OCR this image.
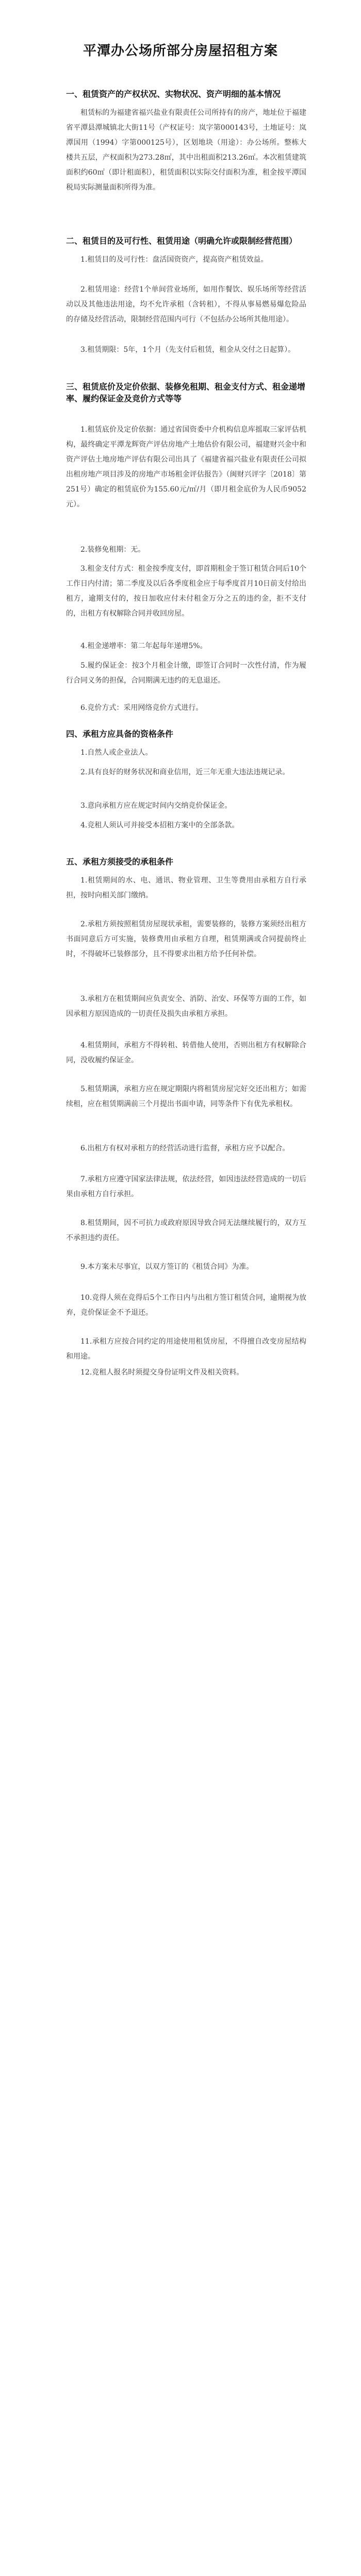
平潭办公场所部分房屋招租方案
一、租赁资产的产权状况、实物状况、资产明细的基本情况

租赁标的为福建省福兴盐业有限责任公司所持有的房产，地址位于福建省平潭县潭城镇北大街11号（产权证号：岚字第000143号，土地证号：岚潭国用（1994）字第000125号），区划地块（用途）：办公场所。整栋大楼共五层，产权面积为273.28㎡，其中出租面积213.26㎡。本次租赁建筑面积约60㎡（即计租面积），租赁面积以实际交付面积为准，租金按平潭国税局实际测量面积所得为准。

二、租赁目的及可行性、租赁用途（明确允许或限制经营范围）

1.租赁目的及可行性：盘活国资资产，提高资产租赁效益。

2.租赁用途：经营1个单间营业场所，如用作餐饮、娱乐场所等经营活动以及其他违法用途，均不允许承租（含转租），不得从事易燃易爆危险品的存储及经营活动，限制经营范围内可行（不包括办公场所其他用途）。

3.租赁期限：5年，1个月（先支付后租赁，租金从交付之日起算）。

三、租赁底价及定价依据、装修免租期、租金支付方式、租金递增率、履约保证金及竞价方式等等

1.租赁底价及定价依据：通过省国资委中介机构信息库摇取三家评估机构，最终确定平潭龙辉资产评估房地产土地估价有限公司，福建财兴金中和资产评估土地房地产评估有限公司出具了《福建省福兴盐业有限责任公司拟出租房地产项目涉及的房地产市场租金评估报告》（闽财兴评字〔2018〕第251号）确定的租赁底价为155.60元/㎡/月（即月租金底价为人民币9052元）。

2.装修免租期：无。

3.租金支付方式：租金按季度支付，即首期租金于签订租赁合同后10个工作日内付清；第二季度及以后各季度租金应于每季度首月10日前支付给出租方，逾期支付的，按日加收应付未付租金万分之五的违约金，拒不支付的，出租方有权解除合同并收回房屋。

4.租金递增率：第二年起每年递增5%。

5.履约保证金：按3个月租金计缴，即签订合同时一次性付清，作为履行合同义务的担保，合同期满无违约的无息退还。

6.竞价方式：采用网络竞价方式进行。

四、承租方应具备的资格条件

1.自然人或企业法人。

2.具有良好的财务状况和商业信用，近三年无重大违法违规记录。

3.意向承租方应在规定时间内交纳竞价保证金。

4.竞租人须认可并接受本招租方案中的全部条款。

五、承租方须接受的承租条件

1.租赁期间的水、电、通讯、物业管理、卫生等费用由承租方自行承担，按时向相关部门缴纳。

2.承租方须按照租赁房屋现状承租，需要装修的，装修方案须经出租方书面同意后方可实施，装修费用由承租方自理，租赁期满或合同提前终止时，不得破坏已装修部分，且不得要求出租方给予任何补偿。

3.承租方在租赁期间应负责安全、消防、治安、环保等方面的工作，如因承租方原因造成的一切责任及损失由承租方承担。

4.租赁期间，承租方不得转租、转借他人使用，否则出租方有权解除合同，没收履约保证金。

5.租赁期满，承租方应在规定期限内将租赁房屋完好交还出租方；如需续租，应在租赁期满前三个月提出书面申请，同等条件下有优先承租权。

6.出租方有权对承租方的经营活动进行监督，承租方应予以配合。

7.承租方应遵守国家法律法规，依法经营，如因违法经营造成的一切后果由承租方自行承担。

8.租赁期间，因不可抗力或政府原因导致合同无法继续履行的，双方互不承担违约责任。

9.本方案未尽事宜，以双方签订的《租赁合同》为准。

10.竞得人须在竞得后5个工作日内与出租方签订租赁合同，逾期视为放弃，竞价保证金不予退还。

11.承租方应按合同约定的用途使用租赁房屋，不得擅自改变房屋结构和用途。

12.竞租人报名时须提交身份证明文件及相关资料。
